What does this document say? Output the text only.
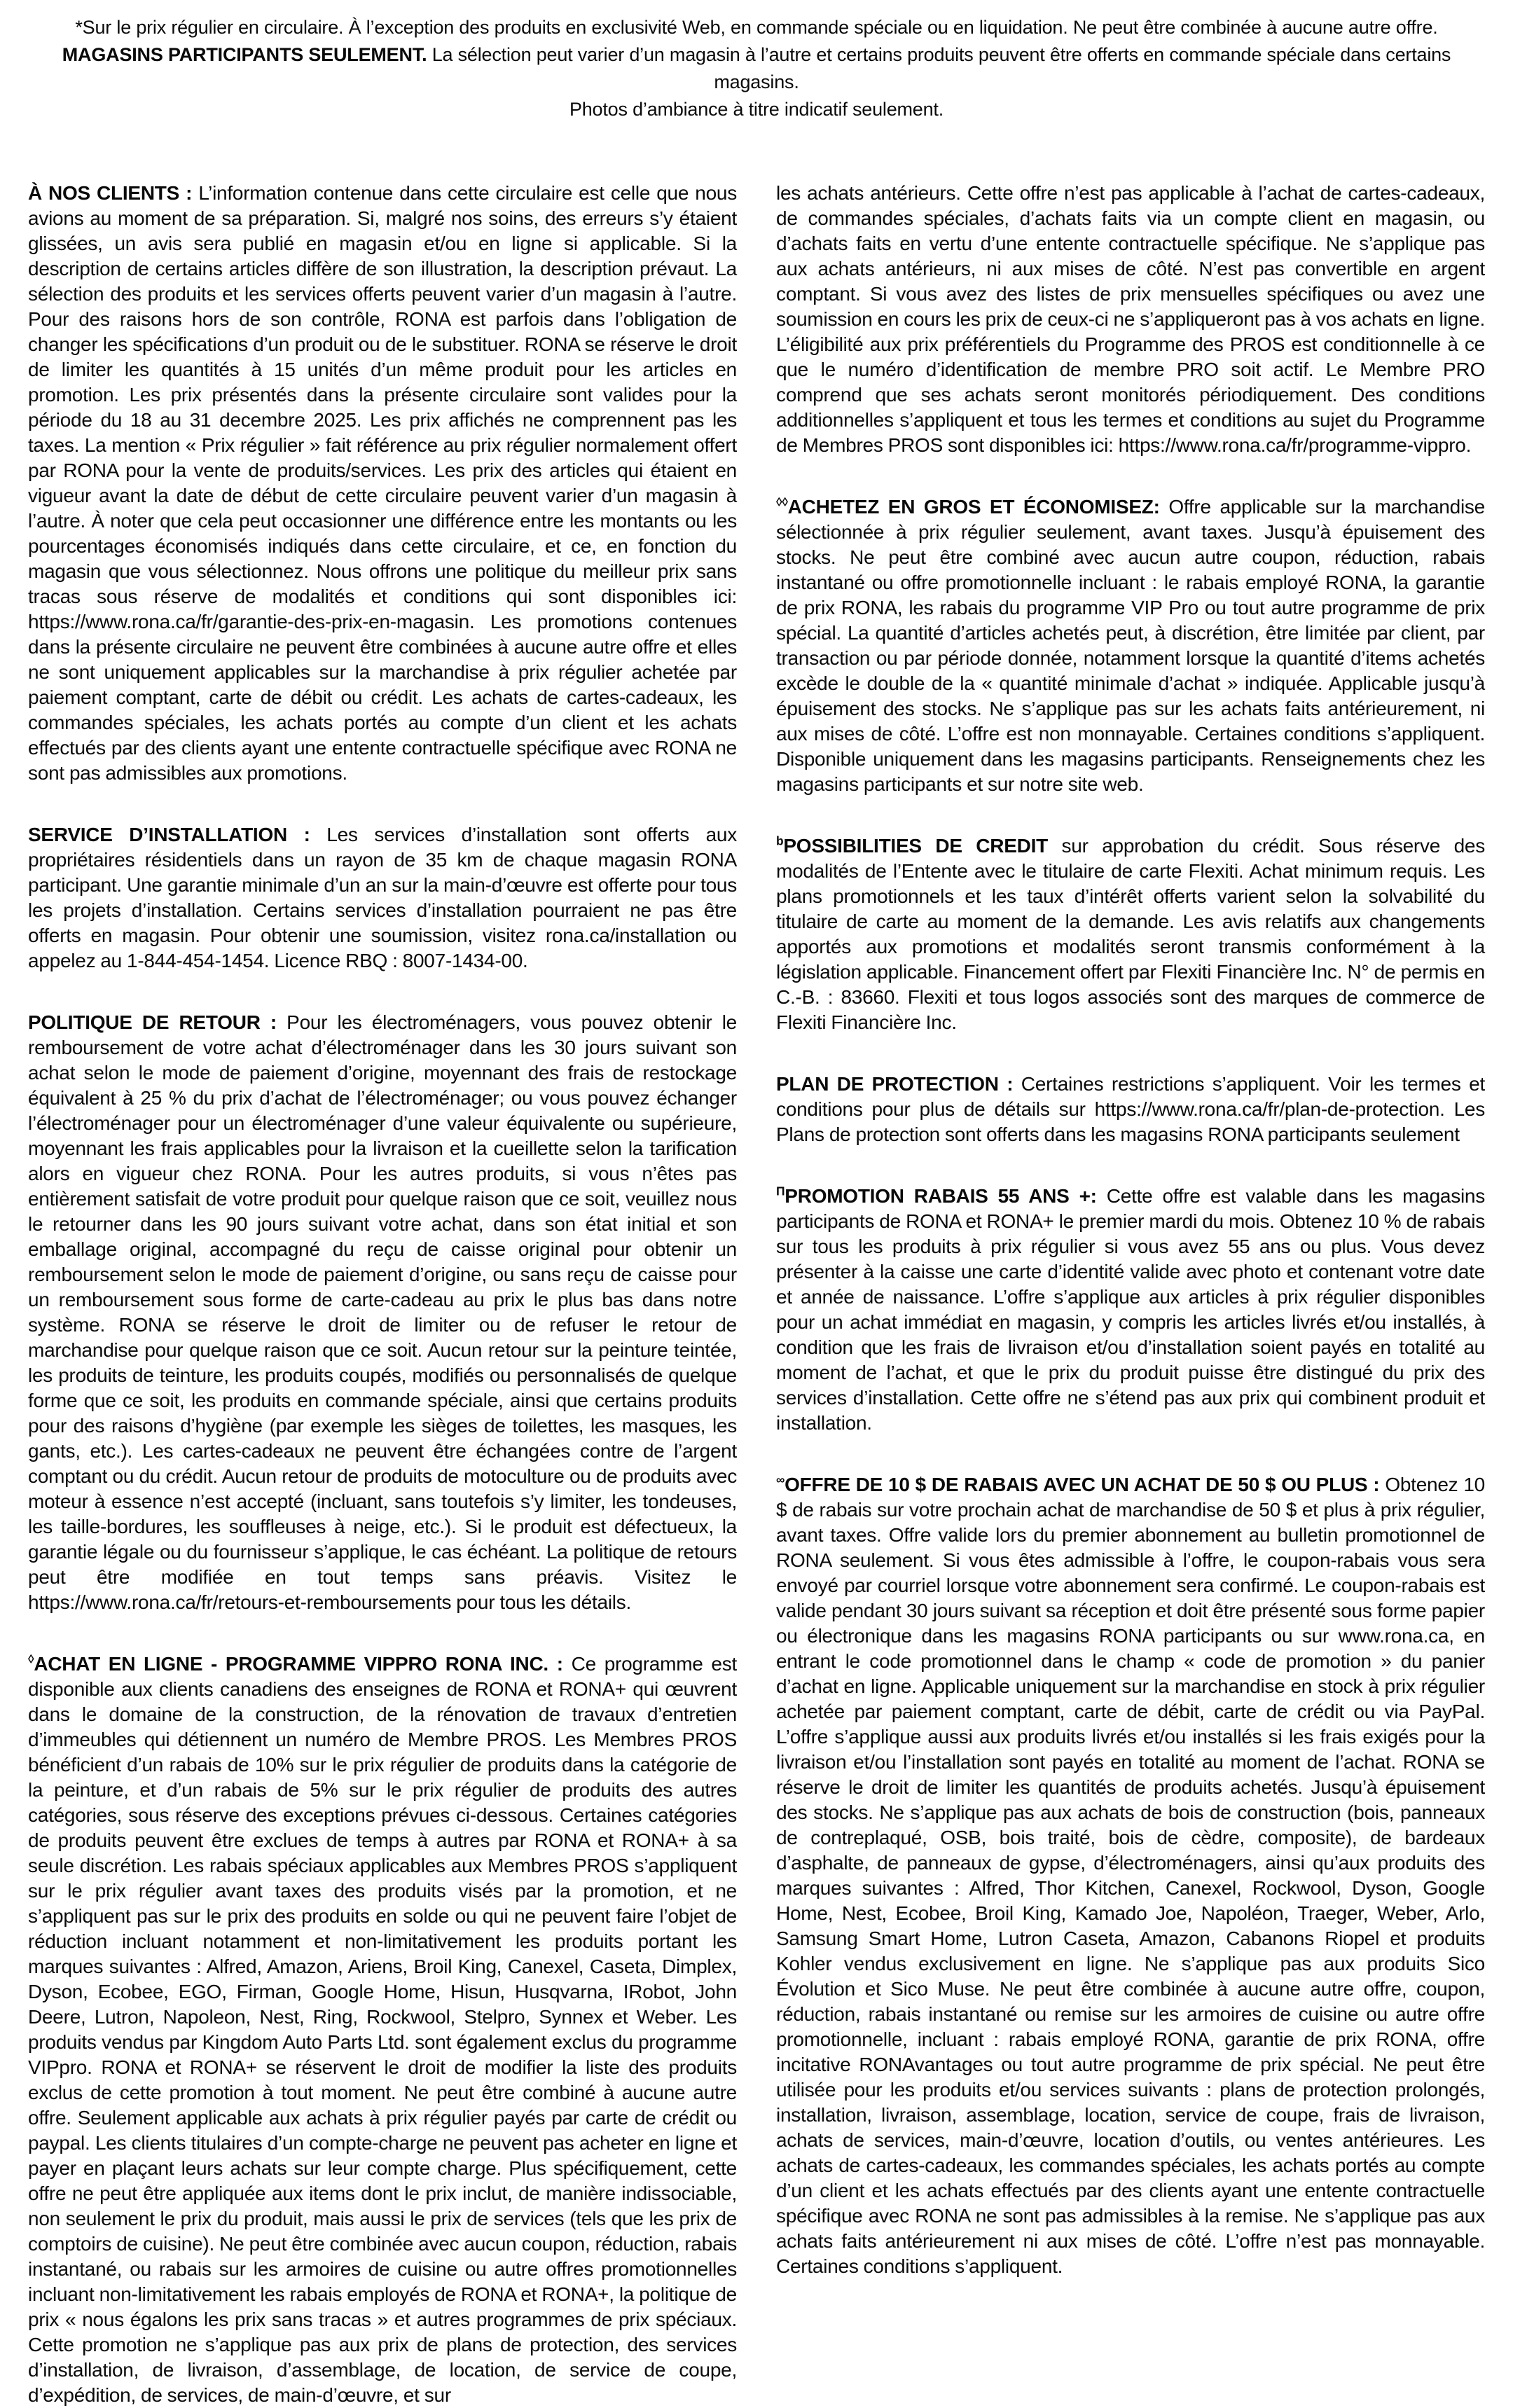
*Sur le prix régulier en circulaire. À l’exception des produits en exclusivité Web, en commande spéciale ou en liquidation. Ne peut être combinée à aucune autre offre.
MAGASINS PARTICIPANTS SEULEMENT. La sélection peut varier d’un magasin à l’autre et certains produits peuvent être offerts en commande spéciale dans certains magasins.
Photos d’ambiance à titre indicatif seulement.

À NOS CLIENTS : L’information contenue dans cette circulaire est celle que nous avions au moment de sa préparation. Si, malgré nos soins, des erreurs s’y étaient glissées, un avis sera publié en magasin et/ou en ligne si applicable. Si la description de certains articles diffère de son illustration, la description prévaut. La sélection des produits et les services offerts peuvent varier d’un magasin à l’autre. Pour des raisons hors de son contrôle, RONA est parfois dans l’obligation de changer les spécifications d’un produit ou de le substituer. RONA se réserve le droit de limiter les quantités à 15 unités d’un même produit pour les articles en promotion. Les prix présentés dans la présente circulaire sont valides pour la période du 18 au 31 decembre 2025. Les prix affichés ne comprennent pas les taxes. La mention « Prix régulier » fait référence au prix régulier normalement offert par RONA pour la vente de produits/services. Les prix des articles qui étaient en vigueur avant la date de début de cette circulaire peuvent varier d’un magasin à l’autre. À noter que cela peut occasionner une différence entre les montants ou les pourcentages économisés indiqués dans cette circulaire, et ce, en fonction du magasin que vous sélectionnez. Nous offrons une politique du meilleur prix sans tracas sous réserve de modalités et conditions qui sont disponibles ici: https://www.rona.ca/fr/garantie-des-prix-en-magasin. Les promotions contenues dans la présente circulaire ne peuvent être combinées à aucune autre offre et elles ne sont uniquement applicables sur la marchandise à prix régulier achetée par paiement comptant, carte de débit ou crédit. Les achats de cartes-cadeaux, les commandes spéciales, les achats portés au compte d’un client et les achats effectués par des clients ayant une entente contractuelle spécifique avec RONA ne sont pas admissibles aux promotions.

SERVICE D’INSTALLATION : Les services d’installation sont offerts aux propriétaires résidentiels dans un rayon de 35 km de chaque magasin RONA participant. Une garantie minimale d’un an sur la main-d’œuvre est offerte pour tous les projets d’installation. Certains services d’installation pourraient ne pas être offerts en magasin. Pour obtenir une soumission, visitez rona.ca/installation ou appelez au 1-844-454-1454. Licence RBQ : 8007-1434-00.

POLITIQUE DE RETOUR : Pour les électroménagers, vous pouvez obtenir le remboursement de votre achat d’électroménager dans les 30 jours suivant son achat selon le mode de paiement d’origine, moyennant des frais de restockage équivalent à 25 % du prix d’achat de l’électroménager; ou vous pouvez échanger l’électroménager pour un électroménager d’une valeur équivalente ou supérieure, moyennant les frais applicables pour la livraison et la cueillette selon la tarification alors en vigueur chez RONA. Pour les autres produits, si vous n’êtes pas entièrement satisfait de votre produit pour quelque raison que ce soit, veuillez nous le retourner dans les 90 jours suivant votre achat, dans son état initial et son emballage original, accompagné du reçu de caisse original pour obtenir un remboursement selon le mode de paiement d’origine, ou sans reçu de caisse pour un remboursement sous forme de carte-cadeau au prix le plus bas dans notre système. RONA se réserve le droit de limiter ou de refuser le retour de marchandise pour quelque raison que ce soit. Aucun retour sur la peinture teintée, les produits de teinture, les produits coupés, modifiés ou personnalisés de quelque forme que ce soit, les produits en commande spéciale, ainsi que certains produits pour des raisons d’hygiène (par exemple les sièges de toilettes, les masques, les gants, etc.). Les cartes-cadeaux ne peuvent être échangées contre de l’argent comptant ou du crédit. Aucun retour de produits de motoculture ou de produits avec moteur à essence n’est accepté (incluant, sans toutefois s’y limiter, les tondeuses, les taille-bordures, les souffleuses à neige, etc.). Si le produit est défectueux, la garantie légale ou du fournisseur s’applique, le cas échéant. La politique de retours peut être modifiée en tout temps sans préavis. Visitez le https://www.rona.ca/fr/retours-et-remboursements pour tous les détails.

◊ACHAT EN LIGNE - PROGRAMME VIPPRO RONA INC. : Ce programme est disponible aux clients canadiens des enseignes de RONA et RONA+ qui œuvrent dans le domaine de la construction, de la rénovation de travaux d’entretien d’immeubles qui détiennent un numéro de Membre PROS. Les Membres PROS bénéficient d’un rabais de 10% sur le prix régulier de produits dans la catégorie de la peinture, et d’un rabais de 5% sur le prix régulier de produits des autres catégories, sous réserve des exceptions prévues ci-dessous. Certaines catégories de produits peuvent être exclues de temps à autres par RONA et RONA+ à sa seule discrétion. Les rabais spéciaux applicables aux Membres PROS s’appliquent sur le prix régulier avant taxes des produits visés par la promotion, et ne s’appliquent pas sur le prix des produits en solde ou qui ne peuvent faire l’objet de réduction incluant notamment et non-limitativement les produits portant les marques suivantes : Alfred, Amazon, Ariens, Broil King, Canexel, Caseta, Dimplex, Dyson, Ecobee, EGO, Firman, Google Home, Hisun, Husqvarna, IRobot, John Deere, Lutron, Napoleon, Nest, Ring, Rockwool, Stelpro, Synnex et Weber. Les produits vendus par Kingdom Auto Parts Ltd. sont également exclus du programme VIPpro. RONA et RONA+ se réservent le droit de modifier la liste des produits exclus de cette promotion à tout moment. Ne peut être combiné à aucune autre offre. Seulement applicable aux achats à prix régulier payés par carte de crédit ou paypal. Les clients titulaires d’un compte-charge ne peuvent pas acheter en ligne et payer en plaçant leurs achats sur leur compte charge. Plus spécifiquement, cette offre ne peut être appliquée aux items dont le prix inclut, de manière indissociable, non seulement le prix du produit, mais aussi le prix de services (tels que les prix de comptoirs de cuisine). Ne peut être combinée avec aucun coupon, réduction, rabais instantané, ou rabais sur les armoires de cuisine ou autre offres promotionnelles incluant non-limitativement les rabais employés de RONA et RONA+, la politique de prix « nous égalons les prix sans tracas » et autres programmes de prix spéciaux. Cette promotion ne s’applique pas aux prix de plans de protection, des services d’installation, de livraison, d’assemblage, de location, de service de coupe, d’expédition, de services, de main-d’œuvre, et sur

les achats antérieurs. Cette offre n’est pas applicable à l’achat de cartes-cadeaux, de commandes spéciales, d’achats faits via un compte client en magasin, ou d’achats faits en vertu d’une entente contractuelle spécifique. Ne s’applique pas aux achats antérieurs, ni aux mises de côté. N’est pas convertible en argent comptant. Si vous avez des listes de prix mensuelles spécifiques ou avez une soumission en cours les prix de ceux-ci ne s’appliqueront pas à vos achats en ligne. L’éligibilité aux prix préférentiels du Programme des PROS est conditionnelle à ce que le numéro d’identification de membre PRO soit actif. Le Membre PRO comprend que ses achats seront monitorés périodiquement. Des conditions additionnelles s’appliquent et tous les termes et conditions au sujet du Programme de Membres PROS sont disponibles ici: https://www.rona.ca/fr/programme-vippro.

◊◊ACHETEZ EN GROS ET ÉCONOMISEZ: Offre applicable sur la marchandise sélectionnée à prix régulier seulement, avant taxes. Jusqu’à épuisement des stocks. Ne peut être combiné avec aucun autre coupon, réduction, rabais instantané ou offre promotionnelle incluant : le rabais employé RONA, la garantie de prix RONA, les rabais du programme VIP Pro ou tout autre programme de prix spécial. La quantité d’articles achetés peut, à discrétion, être limitée par client, par transaction ou par période donnée, notamment lorsque la quantité d’items achetés excède le double de la « quantité minimale d’achat » indiquée. Applicable jusqu’à épuisement des stocks. Ne s’applique pas sur les achats faits antérieurement, ni aux mises de côté. L’offre est non monnayable. Certaines conditions s’appliquent. Disponible uniquement dans les magasins participants. Renseignements chez les magasins participants et sur notre site web.

$^b$POSSIBILITIES DE CREDIT sur approbation du crédit. Sous réserve des modalités de l’Entente avec le titulaire de carte Flexiti. Achat minimum requis. Les plans promotionnels et les taux d’intérêt offerts varient selon la solvabilité du titulaire de carte au moment de la demande. Les avis relatifs aux changements apportés aux promotions et modalités seront transmis conformément à la législation applicable. Financement offert par Flexiti Financière Inc. N° de permis en C.-B. : 83660. Flexiti et tous logos associés sont des marques de commerce de Flexiti Financière Inc.

PLAN DE PROTECTION : Certaines restrictions s’appliquent. Voir les termes et conditions pour plus de détails sur https://www.rona.ca/fr/plan-de-protection. Les Plans de protection sont offerts dans les magasins RONA participants seulement

$^\Pi$PROMOTION RABAIS 55 ANS +: Cette offre est valable dans les magasins participants de RONA et RONA+ le premier mardi du mois. Obtenez 10 % de rabais sur tous les produits à prix régulier si vous avez 55 ans ou plus. Vous devez présenter à la caisse une carte d’identité valide avec photo et contenant votre date et année de naissance. L’offre s’applique aux articles à prix régulier disponibles pour un achat immédiat en magasin, y compris les articles livrés et/ou installés, à condition que les frais de livraison et/ou d’installation soient payés en totalité au moment de l’achat, et que le prix du produit puisse être distingué du prix des services d’installation. Cette offre ne s’étend pas aux prix qui combinent produit et installation.

∞OFFRE DE 10 $ DE RABAIS AVEC UN ACHAT DE 50 $ OU PLUS : Obtenez 10 $ de rabais sur votre prochain achat de marchandise de 50 $ et plus à prix régulier, avant taxes. Offre valide lors du premier abonnement au bulletin promotionnel de RONA seulement. Si vous êtes admissible à l’offre, le coupon-rabais vous sera envoyé par courriel lorsque votre abonnement sera confirmé. Le coupon-rabais est valide pendant 30 jours suivant sa réception et doit être présenté sous forme papier ou électronique dans les magasins RONA participants ou sur www.rona.ca, en entrant le code promotionnel dans le champ « code de promotion » du panier d’achat en ligne. Applicable uniquement sur la marchandise en stock à prix régulier achetée par paiement comptant, carte de débit, carte de crédit ou via PayPal. L’offre s’applique aussi aux produits livrés et/ou installés si les frais exigés pour la livraison et/ou l’installation sont payés en totalité au moment de l’achat. RONA se réserve le droit de limiter les quantités de produits achetés. Jusqu’à épuisement des stocks. Ne s’applique pas aux achats de bois de construction (bois, panneaux de contreplaqué, OSB, bois traité, bois de cèdre, composite), de bardeaux d’asphalte, de panneaux de gypse, d’électroménagers, ainsi qu’aux produits des marques suivantes : Alfred, Thor Kitchen, Canexel, Rockwool, Dyson, Google Home, Nest, Ecobee, Broil King, Kamado Joe, Napoléon, Traeger, Weber, Arlo, Samsung Smart Home, Lutron Caseta, Amazon, Cabanons Riopel et produits Kohler vendus exclusivement en ligne. Ne s’applique pas aux produits Sico Évolution et Sico Muse. Ne peut être combinée à aucune autre offre, coupon, réduction, rabais instantané ou remise sur les armoires de cuisine ou autre offre promotionnelle, incluant : rabais employé RONA, garantie de prix RONA, offre incitative RONAvantages ou tout autre programme de prix spécial. Ne peut être utilisée pour les produits et/ou services suivants : plans de protection prolongés, installation, livraison, assemblage, location, service de coupe, frais de livraison, achats de services, main-d’œuvre, location d’outils, ou ventes antérieures. Les achats de cartes-cadeaux, les commandes spéciales, les achats portés au compte d’un client et les achats effectués par des clients ayant une entente contractuelle spécifique avec RONA ne sont pas admissibles à la remise. Ne s’applique pas aux achats faits antérieurement ni aux mises de côté. L’offre n’est pas monnayable. Certaines conditions s’appliquent.
